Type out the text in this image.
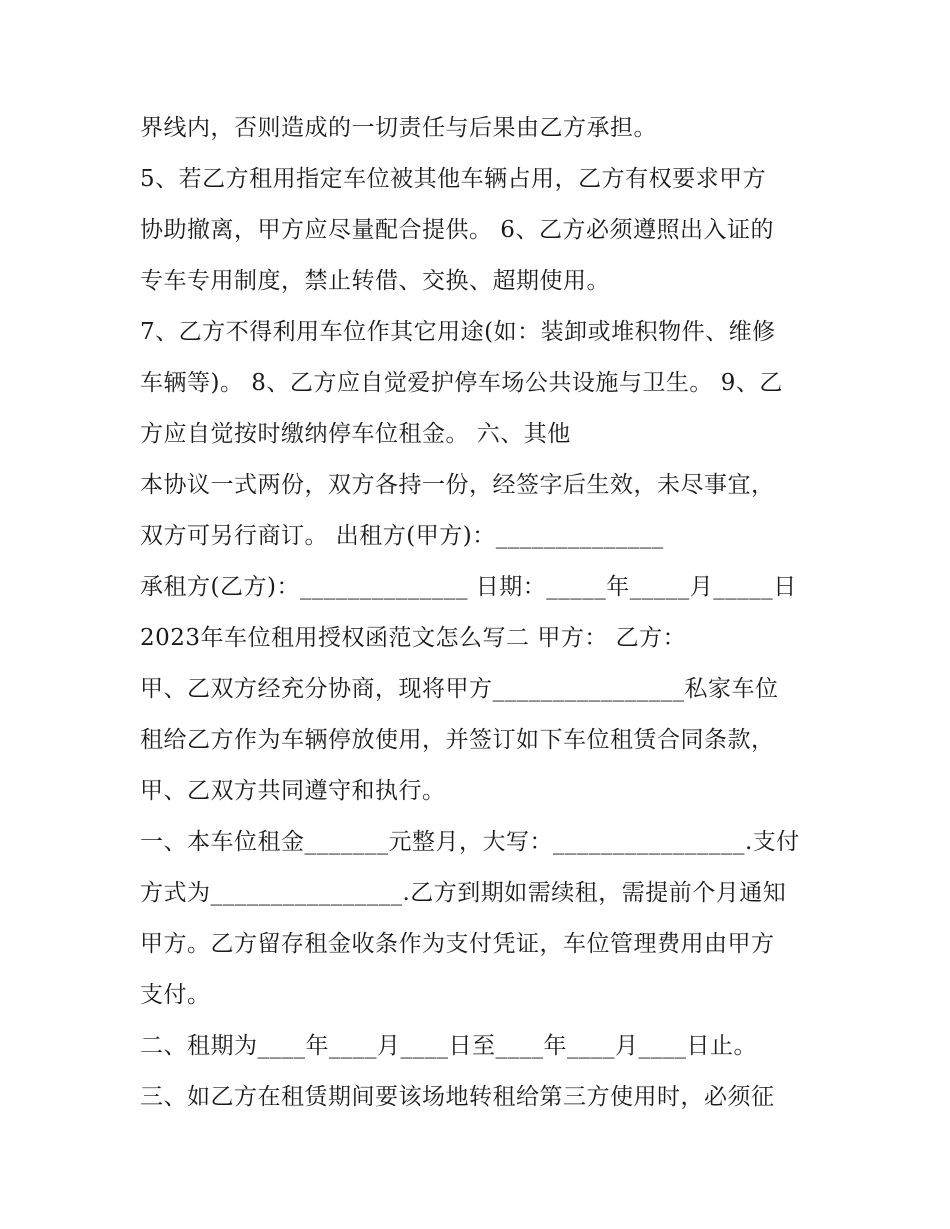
界线内，否则造成的一切责任与后果由乙方承担。
5、若乙方租用指定车位被其他车辆占用，乙方有权要求甲方
协助撤离，甲方应尽量配合提供。 6、乙方必须遵照出入证的
专车专用制度，禁止转借、交换、超期使用。
7、乙方不得利用车位作其它用途(如：装卸或堆积物件、维修
车辆等)。 8、乙方应自觉爱护停车场公共设施与卫生。 9、乙
方应自觉按时缴纳停车位租金。 六、其他
本协议一式两份，双方各持一份，经签字后生效，未尽事宜，
双方可另行商订。 出租方(甲方)：______________
承租方(乙方)：______________ 日期：_____年_____月_____日
2023年车位租用授权函范文怎么写二 甲方： 乙方：
甲、乙双方经充分协商，现将甲方________________私家车位
租给乙方作为车辆停放使用，并签订如下车位租赁合同条款，
甲、乙双方共同遵守和执行。
一、本车位租金_______元整月，大写：________________.支付
方式为________________.乙方到期如需续租，需提前个月通知
甲方。乙方留存租金收条作为支付凭证，车位管理费用由甲方
支付。
二、租期为____年____月____日至____年____月____日止。
三、如乙方在租赁期间要该场地转租给第三方使用时，必须征
